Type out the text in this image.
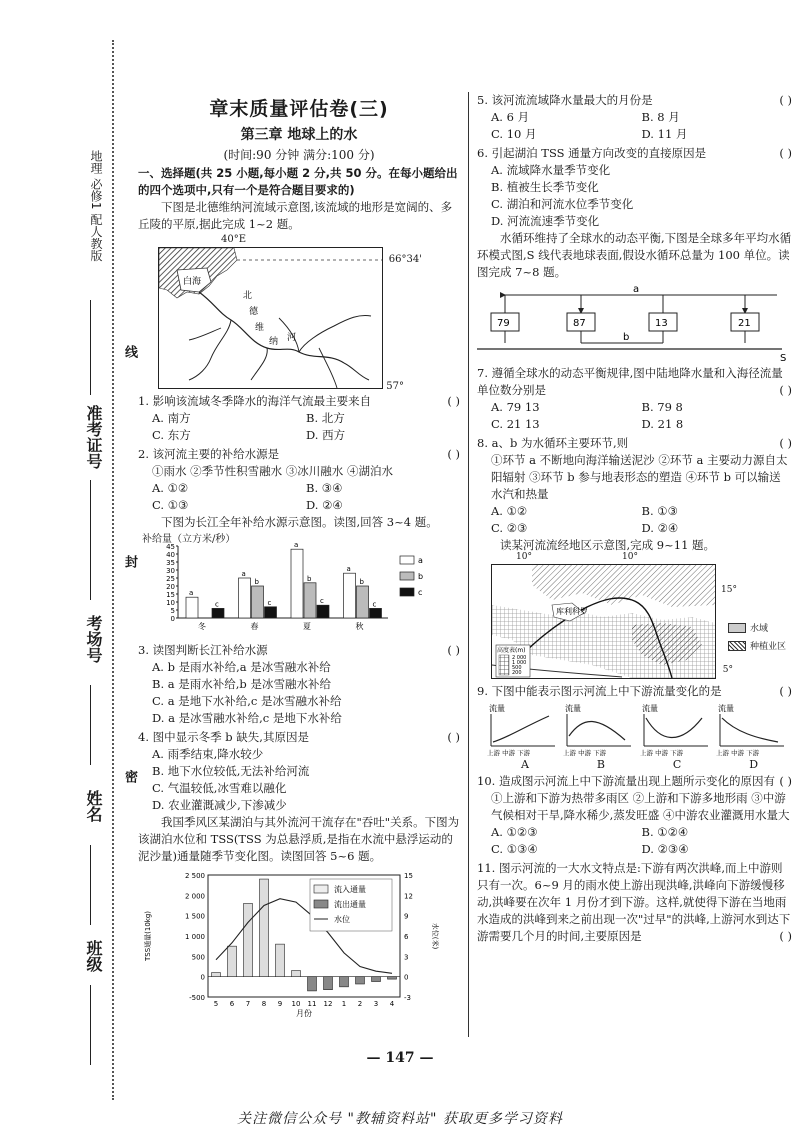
地理 必修1 配人教版
线
准考证号
封
考场号
密
姓名
班级
章末质量评估卷(三)
第三章 地球上的水
(时间:90 分钟 满分:100 分)
一、选择题(共 25 小题,每小题 2 分,共 50 分。在每小题给出的四个选项中,只有一个是符合题目要求的)

下图是北德维纳河流域示意图,该流域的地形是宽阔的、多丘陵的平原,据此完成 1~2 题。

白海
北
德
维
纳 河
40°E
66°34'
57°
1. 影响该流域冬季降水的海洋气流最主要来自	( )
A. 南方	B. 北方
C. 东方	D. 西方
2. 该河流主要的补给水源是	( )
①雨水 ②季节性积雪融水 ③冰川融水 ④湖泊水
A. ①②	B. ③④
C. ①③	D. ②④

下图为长江全年补给水源示意图。读图,回答 3~4 题。

45
40
35
30
25
20
15
10
5
0
a
c
冬
a
b
c
春
a
b
c
夏
a
b
c
秋
a
b
c
补给量（立方米/秒）
3. 读图判断长江补给水源	( )
A. b 是雨水补给,a 是冰雪融水补给
B. a 是雨水补给,b 是冰雪融水补给
C. a 是地下水补给,c 是冰雪融水补给
D. a 是冰雪融水补给,c 是地下水补给
4. 图中显示冬季 b 缺失,其原因是	( )
A. 雨季结束,降水较少
B. 地下水位较低,无法补给河流
C. 气温较低,冰雪难以融化
D. 农业灌溉减少,下渗减少

我国季风区某湖泊与其外流河干流存在"吞吐"关系。下图为该湖泊水位和 TSS(TSS 为总悬浮质,是指在水流中悬浮运动的泥沙量)通量随季节变化图。读图回答 5~6 题。

2 500
2 000
1 500
1 000
500
0
-500
15
12
9
6
3
0
-3
5 6 7 8 9 10 11 12 1 2 3 4
月份
TSS通量(10kg)	水位(米)
流入通量
流出通量
水位
5. 该河流流域降水量最大的月份是	( )
A. 6 月	B. 8 月
C. 10 月	D. 11 月
6. 引起湖泊 TSS 通量方向改变的直接原因是	( )
A. 流域降水量季节变化
B. 植被生长季节变化
C. 湖泊和河流水位季节变化
D. 河流流速季节变化

水循环维持了全球水的动态平衡,下图是全球多年平均水循环模式图,S 线代表地球表面,假设水循环总量为 100 单位。读图完成 7~8 题。

79	87	13	21
a
b
S
7. 遵循全球水的动态平衡规律,图中陆地降水量和入海径流量单位数分别是	( )
A. 79 13	B. 79 8
C. 21 13	D. 21 8
8. a、b 为水循环主要环节,则	( )
①环节 a 不断地向海洋输送泥沙 ②环节 a 主要动力源自太阳辐射 ③环节 b 参与地表形态的塑造 ④环节 b 可以输送水汽和热量
A. ①②	B. ①③
C. ②③	D. ②④

读某河流流经地区示意图,完成 9~11 题。

库利科罗
高度表(m)
2 000
1 000
500
200
10°	10°
15°
5°
水域
种植业区
9. 下图中能表示图示河流上中下游流量变化的是	( )
流量
上游 中游 下游
流量
上游 中游 下游
流量
上游 中游 下游
流量
上游 中游 下游
A	B	C	D
10. 造成图示河流上中下游流量出现上题所示变化的原因有 ( )
①上游和下游为热带多雨区 ②上游和下游多地形雨 ③中游气候相对干旱,降水稀少,蒸发旺盛 ④中游农业灌溉用水量大
A. ①②③	B. ①②④
C. ①③④	D. ②③④
11. 图示河流的一大水文特点是:下游有两次洪峰,而上中游则只有一次。6~9 月的雨水使上游出现洪峰,洪峰向下游缓慢移动,洪峰要在次年 1 月份才到下游。这样,就使得下游在当地雨水造成的洪峰到来之前出现一次"过早"的洪峰,上游河水到达下游需要几个月的时间,主要原因是	( )
— 147 —
关注微信公众号 "教辅资料站" 获取更多学习资料
